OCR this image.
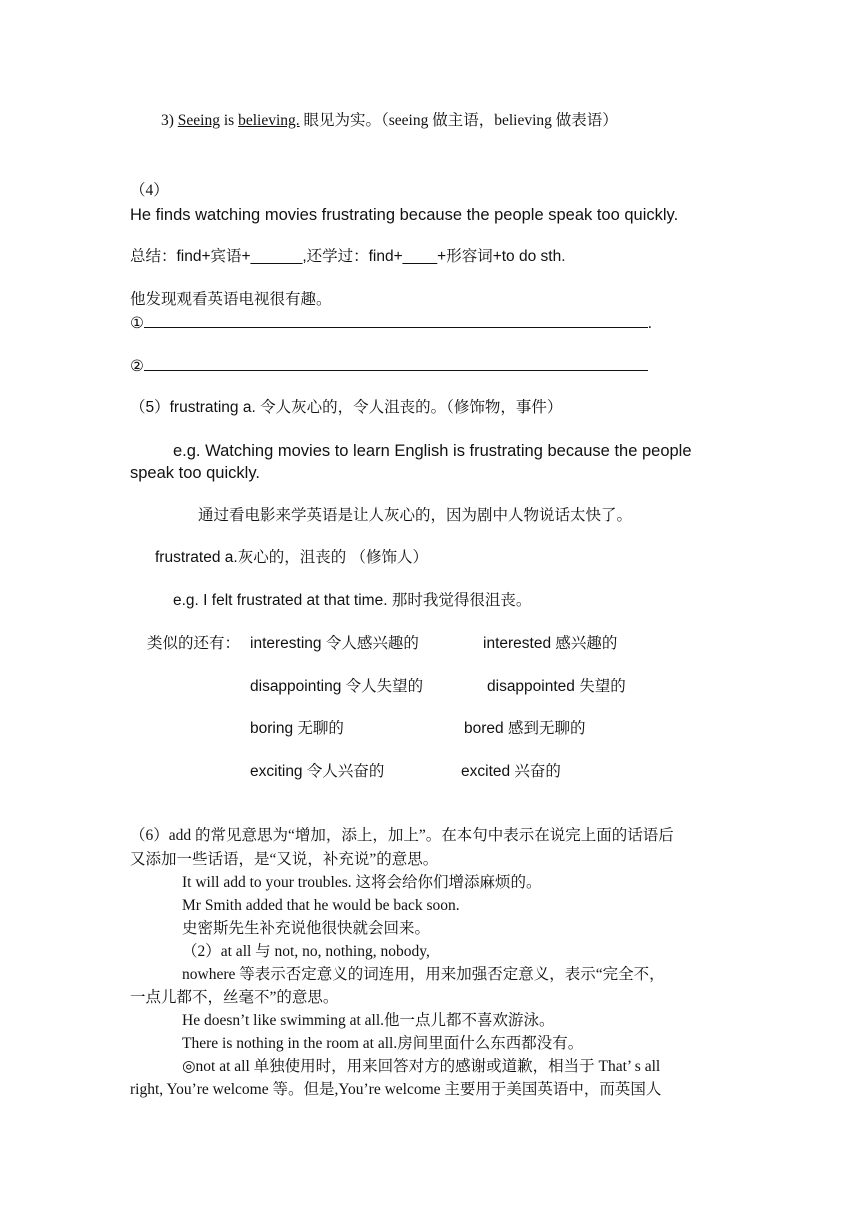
3) Seeing is believing. 眼见为实。（seeing 做主语，believing 做表语）
（4）
He finds watching movies frustrating because the people speak too quickly.
总结：find+宾语+______,还学过：find+____+形容词+to do sth.
他发现观看英语电视很有趣。
①	.
②
（5）frustrating a. 令人灰心的，令人沮丧的。（修饰物，事件）
e.g. Watching movies to learn English is frustrating because the people
speak too quickly.
通过看电影来学英语是让人灰心的，因为剧中人物说话太快了。
frustrated a.灰心的，沮丧的 （修饰人）
e.g. I felt frustrated at that time. 那时我觉得很沮丧。
类似的还有： interesting 令人感兴趣的	interested 感兴趣的
disappointing 令人失望的	disappointed 失望的
boring 无聊的	bored 感到无聊的
exciting 令人兴奋的	excited 兴奋的
（6）add 的常见意思为“增加，添上，加上”。在本句中表示在说完上面的话语后
又添加一些话语，是“又说，补充说”的意思。
It will add to your troubles. 这将会给你们增添麻烦的。
Mr Smith added that he would be back soon.
史密斯先生补充说他很快就会回来。
（2）at all 与 not, no, nothing, nobody,
nowhere 等表示否定意义的词连用，用来加强否定意义，表示“完全不，
一点儿都不，丝毫不”的意思。
He doesn’t like swimming at all.他一点儿都不喜欢游泳。
There is nothing in the room at all.房间里面什么东西都没有。
◎not at all 单独使用时，用来回答对方的感谢或道歉，相当于 That’ s all
right, You’re welcome 等。但是,You’re welcome 主要用于美国英语中，而英国人
